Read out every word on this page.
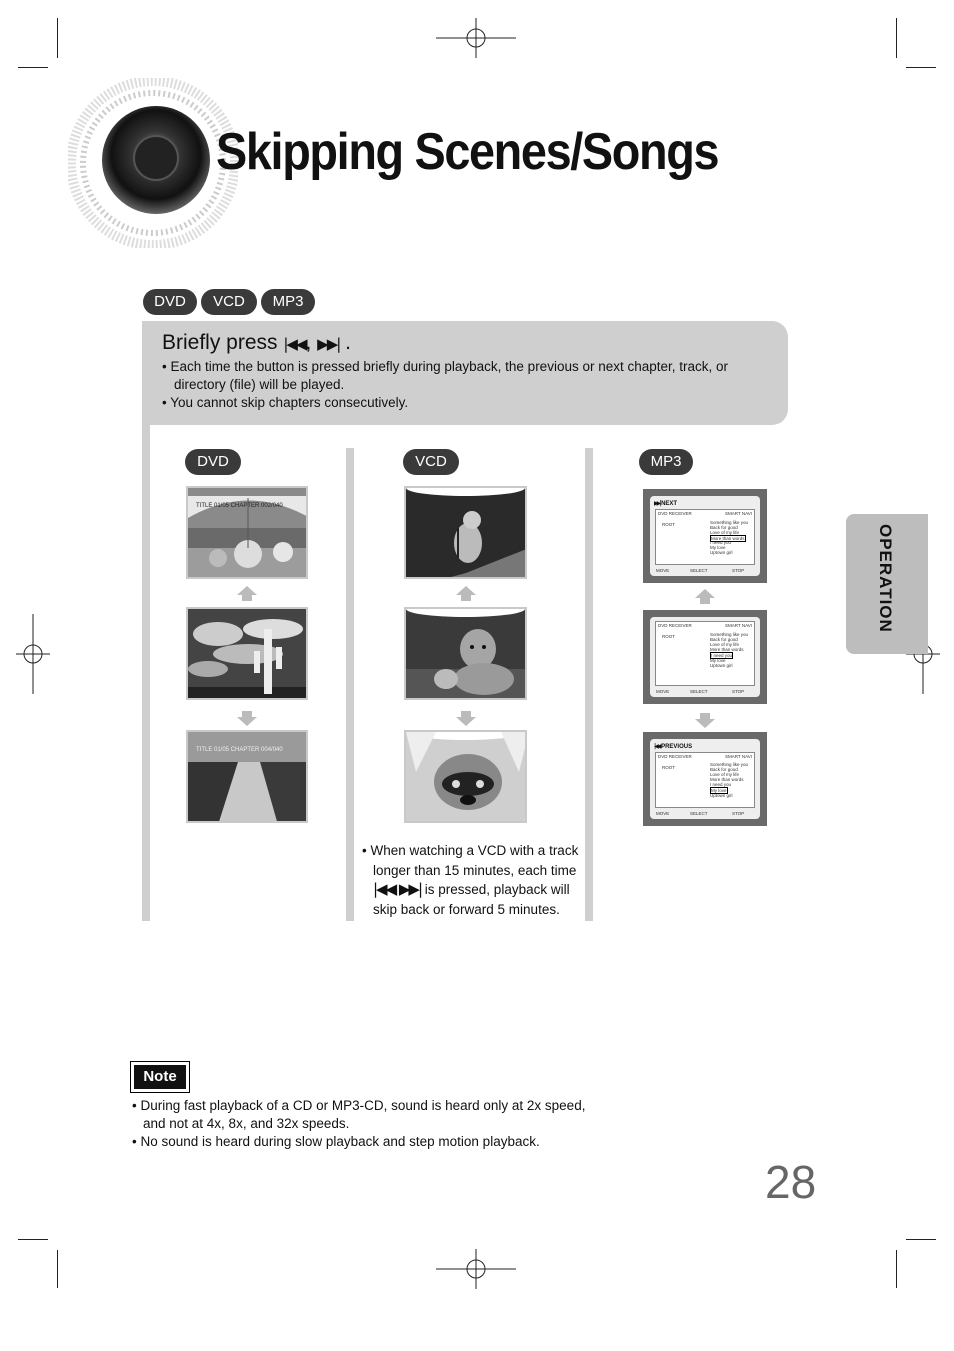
Skipping Scenes/Songs
DVD	VCD	MP3
Briefly press |◀◀, ▶▶| .

• Each time the button is pressed briefly during playback, the previous or next chapter, track, or directory (file) will be played.

• You cannot skip chapters consecutively.

DVD	VCD	MP3
TITLE 01/05 CHAPTER 002/040
TITLE 01/05 CHAPTER 004/040
• When watching a VCD with a track longer than 15 minutes, each time |◀◀ ▶▶| is pressed, playback will skip back or forward 5 minutes.
▶▶| NEXT
DVD RECEIVER	SMART NAVI
ROOT	Something like you
Back for good
Love of my life
More than words
I need you
My love
Uptown girl
MOVE	SELECT	STOP
DVD RECEIVER	SMART NAVI
ROOT	Something like you
Back for good
Love of my life
More than words
I need you
My love
Uptown girl
MOVE	SELECT	STOP
|◀◀ PREVIOUS
DVD RECEIVER	SMART NAVI
ROOT
Something like you
Back for good
Love of my life
More than words
I need you
My love
Uptown girl
MOVE	SELECT	STOP
OPERATION
Note

• During fast playback of a CD or MP3-CD, sound is heard only at 2x speed, and not at 4x, 8x, and 32x speeds.

• No sound is heard during slow playback and step motion playback.

28
